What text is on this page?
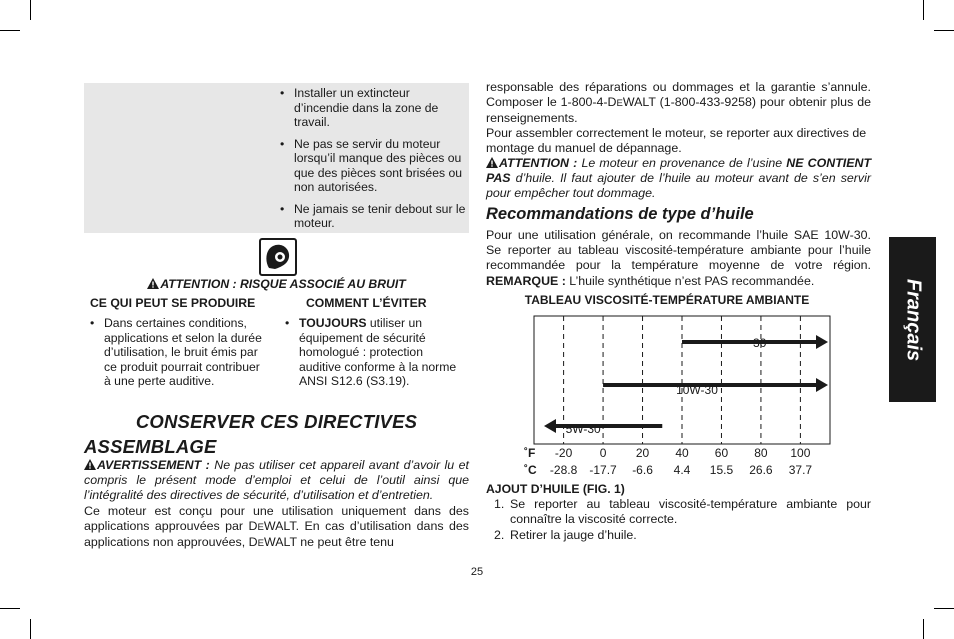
• Installer un extincteur d’incendie dans la zone de travail.
• Ne pas se servir du moteur lorsqu’il manque des pièces ou que des pièces sont brisées ou non autorisées.
• Ne jamais se tenir debout sur le moteur.
ATTENTION : RISQUE ASSOCIÉ AU BRUIT
CE QUI PEUT SE PRODUIRE	COMMENT L’ÉVITER
• Dans certaines conditions, applications et selon la durée d’utilisation, le bruit émis par ce produit pourrait contribuer à une perte auditive.
• TOUJOURS utiliser un équipement de sécurité homologué : protection auditive conforme à la norme ANSI S12.6 (S3.19).
CONSERVER CES DIRECTIVES
ASSEMBLAGE
AVERTISSEMENT : Ne pas utiliser cet appareil avant d’avoir lu et compris le présent mode d’emploi et celui de l’outil ainsi que l’intégralité des directives de sécurité, d’utilisation et d’entretien.
Ce moteur est conçu pour une utilisation uniquement dans des applications approuvées par DEWALT. En cas d’utilisation dans des applications non approuvées, DEWALT ne peut être tenu
responsable des réparations ou dommages et la garantie s’annule. Composer le 1-800-4-DEWALT (1-800-433-9258) pour obtenir plus de renseignements.
Pour assembler correctement le moteur, se reporter aux directives de montage du manuel de dépannage.
ATTENTION : Le moteur en provenance de l’usine NE CONTIENT PAS d’huile. Il faut ajouter de l’huile au moteur avant de s’en servir pour empêcher tout dommage.
Recommandations de type d’huile
Pour une utilisation générale, on recommande l’huile SAE 10W-30. Se reporter au tableau viscosité-température ambiante pour l’huile recommandée pour la température moyenne de votre région. REMARQUE : L’huile synthétique n’est PAS recommandée.
TABLEAU VISCOSITÉ-TEMPÉRATURE AMBIANTE
30
10W-30
5W-30
˚F
˚C
-20
-28.8
0
-17.7
20
-6.6
40
4.4
60
15.5
80
26.6
100
37.7
AJOUT D’HUILE (FIG. 1)
1. Se reporter au tableau viscosité-température ambiante pour connaître la viscosité correcte.
2. Retirer la jauge d’huile.
Français
25
